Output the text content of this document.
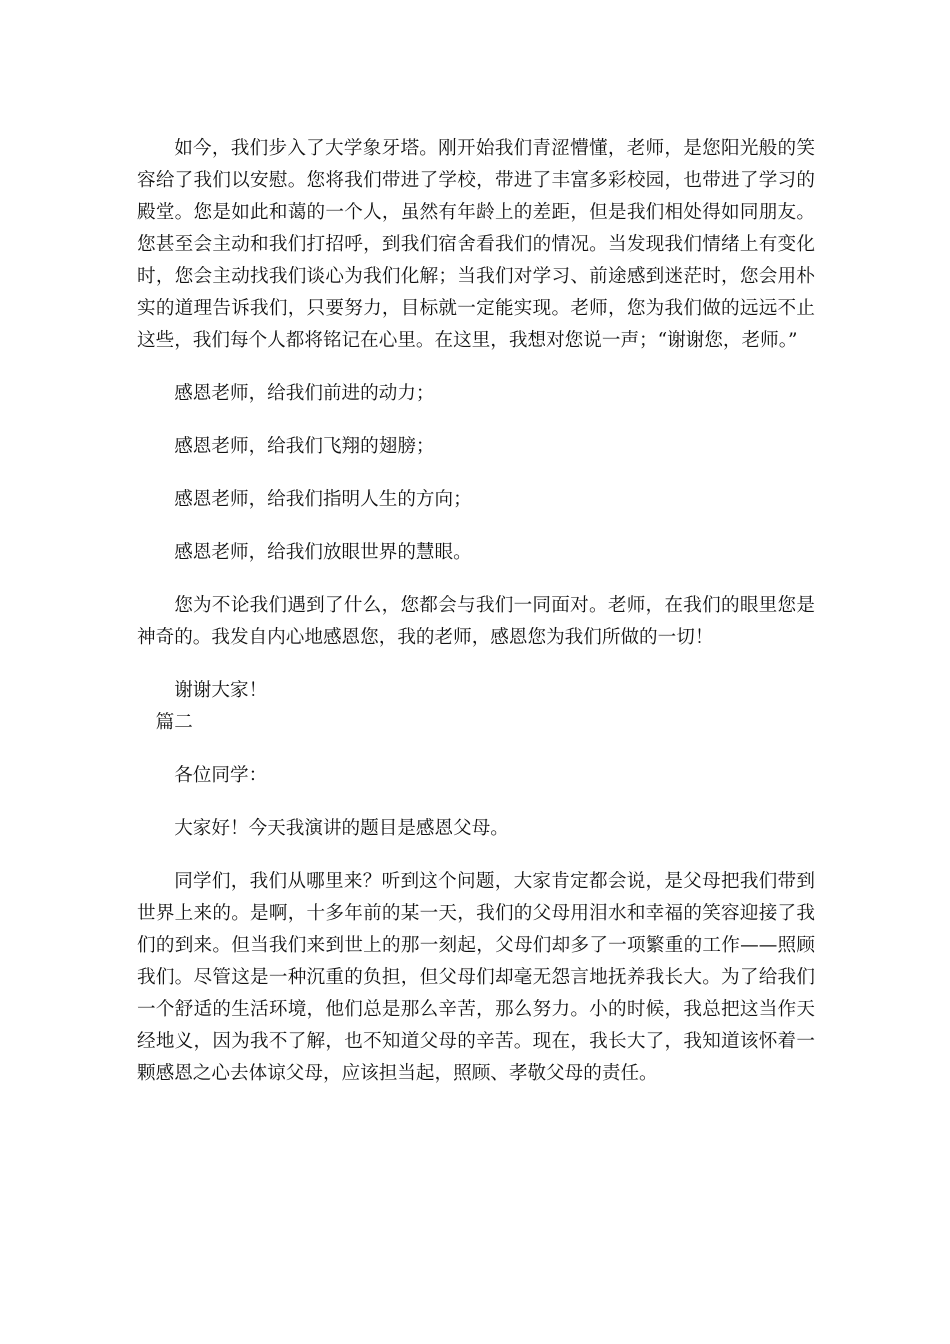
如今，我们步入了大学象牙塔。刚开始我们青涩懵懂，老师，是您阳光般的笑容给了我们以安慰。您将我们带进了学校，带进了丰富多彩校园，也带进了学习的殿堂。您是如此和蔼的一个人，虽然有年龄上的差距，但是我们相处得如同朋友。您甚至会主动和我们打招呼，到我们宿舍看我们的情况。当发现我们情绪上有变化时，您会主动找我们谈心为我们化解；当我们对学习、前途感到迷茫时，您会用朴实的道理告诉我们，只要努力，目标就一定能实现。老师，您为我们做的远远不止这些，我们每个人都将铭记在心里。在这里，我想对您说一声；“谢谢您，老师。”

感恩老师，给我们前进的动力；

感恩老师，给我们飞翔的翅膀；

感恩老师，给我们指明人生的方向；

感恩老师，给我们放眼世界的慧眼。

您为不论我们遇到了什么，您都会与我们一同面对。老师，在我们的眼里您是神奇的。我发自内心地感恩您，我的老师，感恩您为我们所做的一切！

谢谢大家！

篇二

各位同学：

大家好！今天我演讲的题目是感恩父母。

同学们，我们从哪里来？听到这个问题，大家肯定都会说，是父母把我们带到世界上来的。是啊，十多年前的某一天，我们的父母用泪水和幸福的笑容迎接了我们的到来。但当我们来到世上的那一刻起，父母们却多了一项繁重的工作——照顾我们。尽管这是一种沉重的负担，但父母们却毫无怨言地抚养我长大。为了给我们一个舒适的生活环境，他们总是那么辛苦，那么努力。小的时候，我总把这当作天经地义，因为我不了解，也不知道父母的辛苦。现在，我长大了，我知道该怀着一颗感恩之心去体谅父母，应该担当起，照顾、孝敬父母的责任。
